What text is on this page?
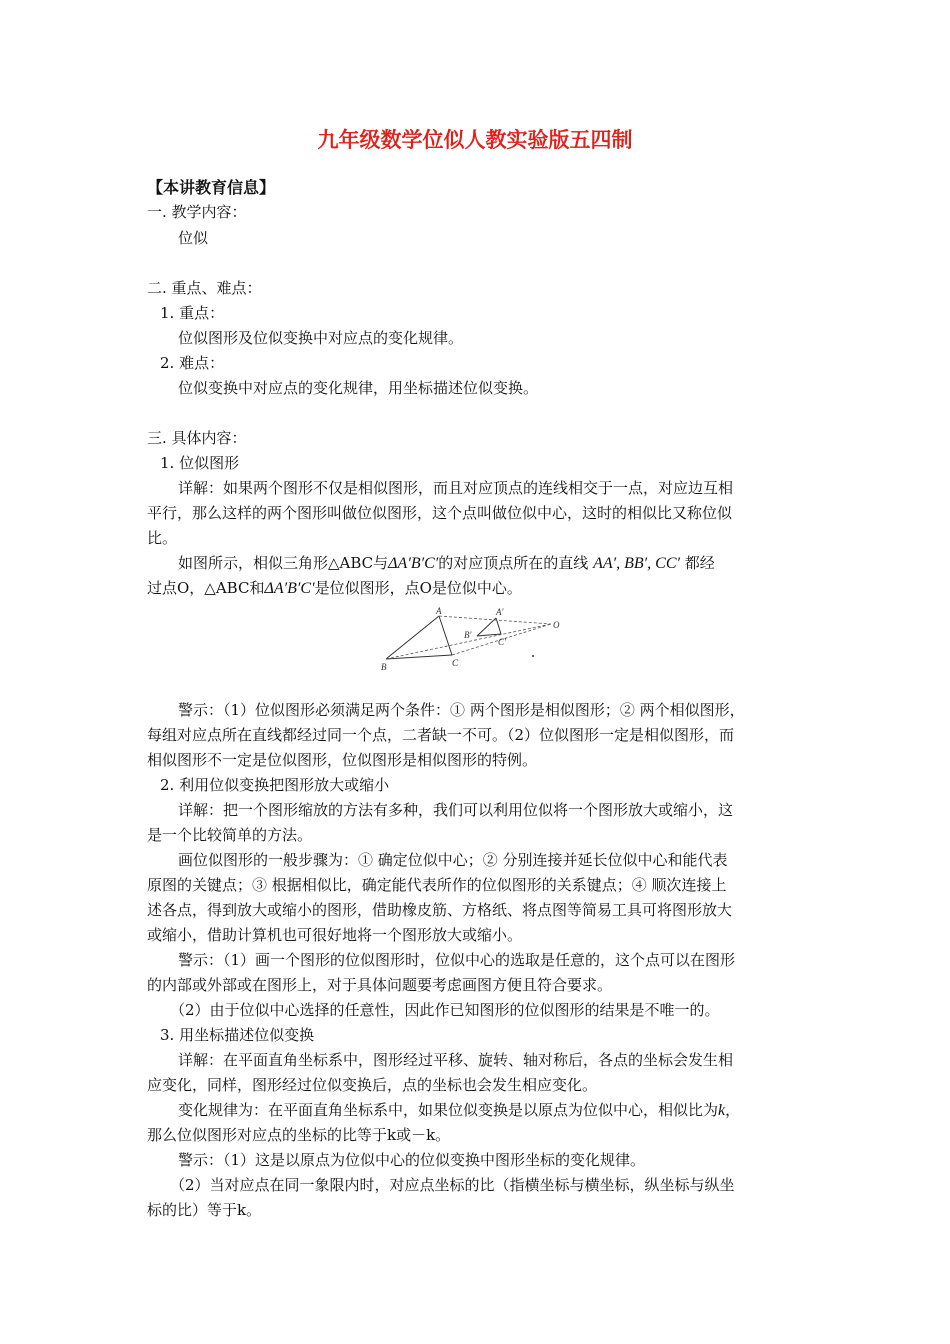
九年级数学位似人教实验版五四制
【本讲教育信息】
一. 教学内容：
位似
二. 重点、难点：
1. 重点：
位似图形及位似变换中对应点的变化规律。
2. 难点：
位似变换中对应点的变化规律，用坐标描述位似变换。
三. 具体内容：
1. 位似图形
详解：如果两个图形不仅是相似图形，而且对应顶点的连线相交于一点，对应边互相
平行，那么这样的两个图形叫做位似图形，这个点叫做位似中心，这时的相似比又称位似
比。
如图所示，相似三角形△ABC与ΔA′B′C′的对应顶点所在的直线 AA′, BB′, CC′ 都经
过点O，△ABC和ΔA′B′C′是位似图形，点O是位似中心。
A
B	C
A′
B′
C′
O
警示：（1）位似图形必须满足两个条件：① 两个图形是相似图形；② 两个相似图形，
每组对应点所在直线都经过同一个点，二者缺一不可。（2）位似图形一定是相似图形，而
相似图形不一定是位似图形，位似图形是相似图形的特例。
2. 利用位似变换把图形放大或缩小
详解：把一个图形缩放的方法有多种，我们可以利用位似将一个图形放大或缩小，这
是一个比较简单的方法。
画位似图形的一般步骤为：① 确定位似中心；② 分别连接并延长位似中心和能代表
原图的关键点；③ 根据相似比，确定能代表所作的位似图形的关系键点；④ 顺次连接上
述各点，得到放大或缩小的图形，借助橡皮筋、方格纸、将点图等简易工具可将图形放大
或缩小，借助计算机也可很好地将一个图形放大或缩小。
警示：（1）画一个图形的位似图形时，位似中心的选取是任意的，这个点可以在图形
的内部或外部或在图形上，对于具体问题要考虑画图方便且符合要求。
（2）由于位似中心选择的任意性，因此作已知图形的位似图形的结果是不唯一的。
3. 用坐标描述位似变换
详解：在平面直角坐标系中，图形经过平移、旋转、轴对称后，各点的坐标会发生相
应变化，同样，图形经过位似变换后，点的坐标也会发生相应变化。
变化规律为：在平面直角坐标系中，如果位似变换是以原点为位似中心，相似比为k，
那么位似图形对应点的坐标的比等于k或－k。
警示：（1）这是以原点为位似中心的位似变换中图形坐标的变化规律。
（2）当对应点在同一象限内时，对应点坐标的比（指横坐标与横坐标，纵坐标与纵坐
标的比）等于k。
